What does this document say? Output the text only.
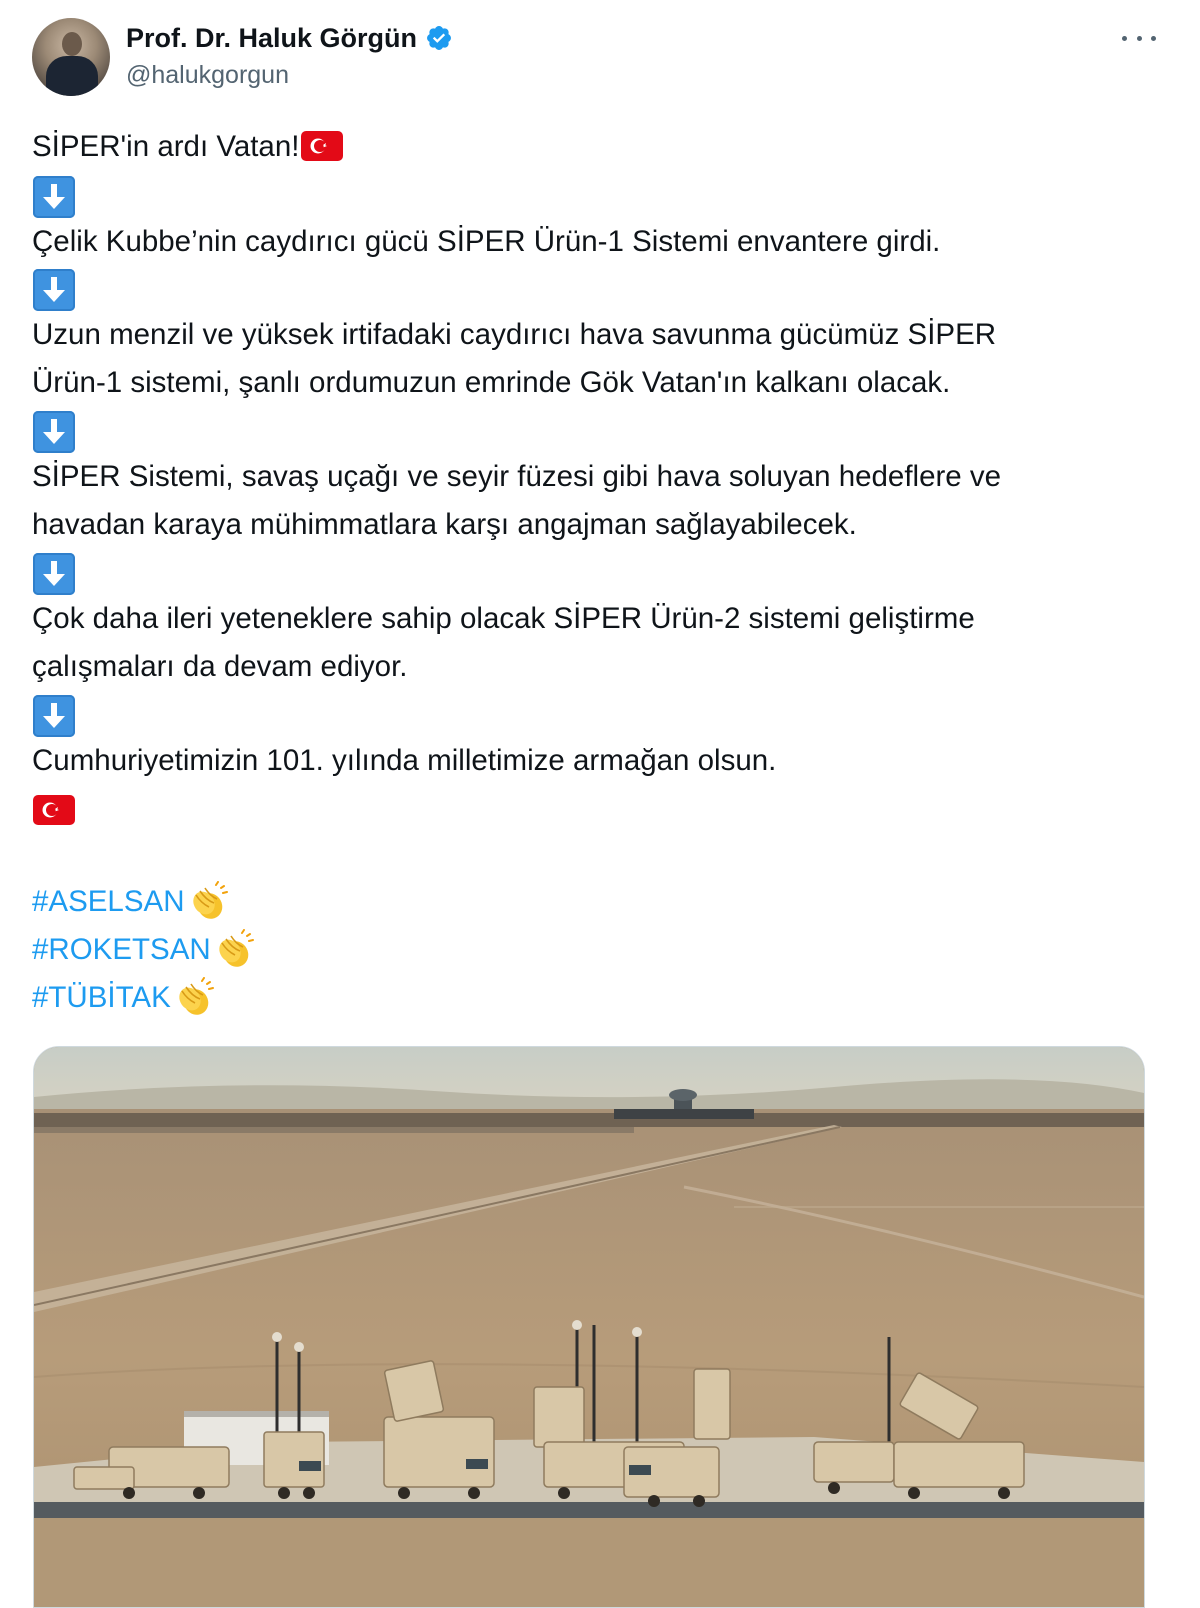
Prof. Dr. Haluk Görgün
@halukgorgun
SİPER'in ardı Vatan!
Çelik Kubbe’nin caydırıcı gücü SİPER Ürün-1 Sistemi envantere girdi.
Uzun menzil ve yüksek irtifadaki caydırıcı hava savunma gücümüz SİPER
Ürün-1 sistemi, şanlı ordumuzun emrinde Gök Vatan'ın kalkanı olacak.
SİPER Sistemi, savaş uçağı ve seyir füzesi gibi hava soluyan hedeflere ve
havadan karaya mühimmatlara karşı angajman sağlayabilecek.
Çok daha ileri yeteneklere sahip olacak SİPER Ürün-2 sistemi geliştirme
çalışmaları da devam ediyor.
Cumhuriyetimizin 101. yılında milletimize armağan olsun.
#ASELSAN
#ROKETSAN
#TÜBİTAK
